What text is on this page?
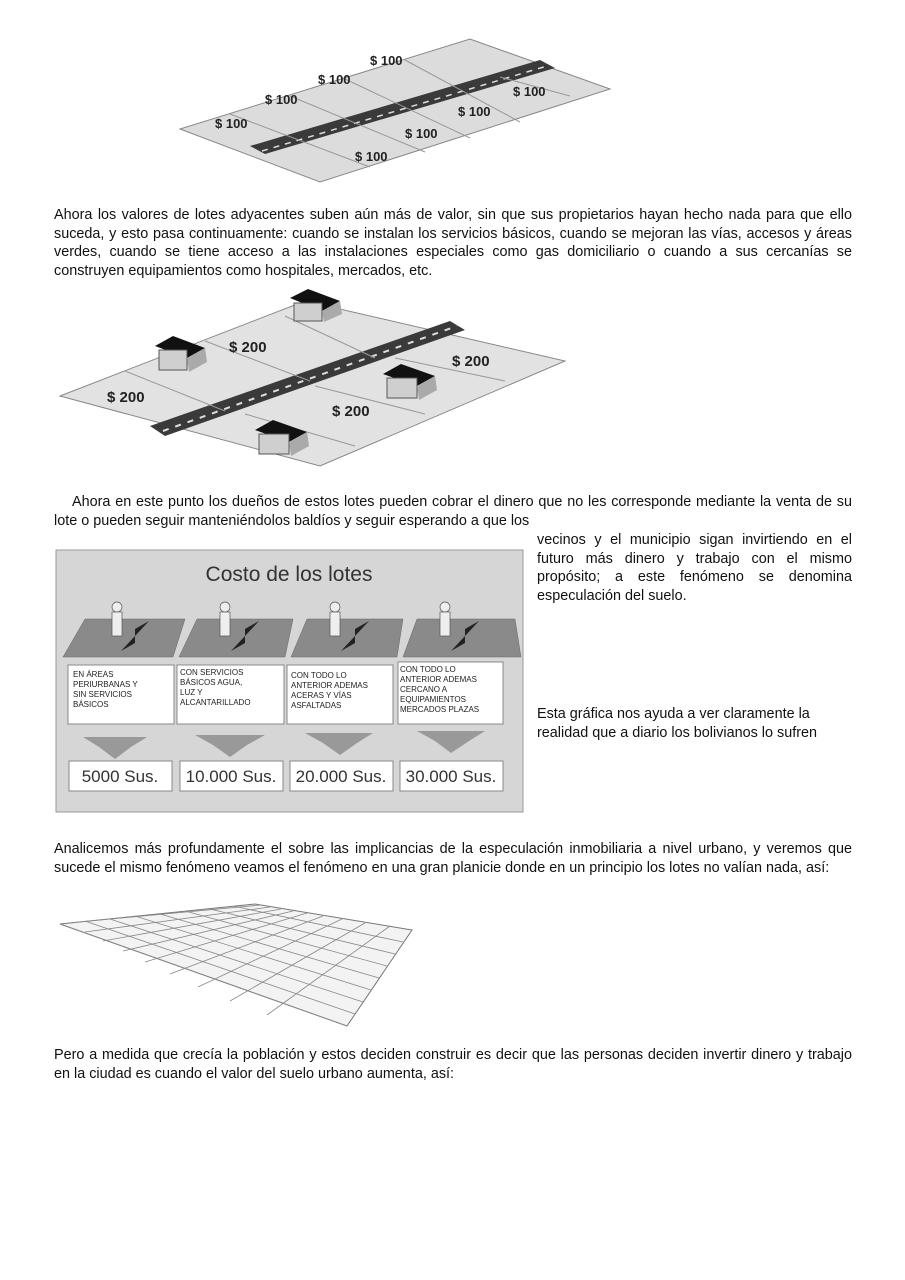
$ 100
$ 100
$ 100
$ 100
$ 100
$ 100
$ 100
$ 100

Ahora los valores de lotes adyacentes suben aún más de valor, sin que sus propietarios hayan hecho nada para que ello suceda, y esto pasa continuamente: cuando se instalan los servicios básicos, cuando se mejoran las vías, accesos y áreas verdes, cuando se tiene acceso a las instalaciones especiales como gas domiciliario o cuando a sus cercanías se construyen equipamientos como hospitales, mercados, etc.

$ 200
$ 200
$ 200
$ 200

Ahora en este punto los dueños de estos lotes pueden cobrar el dinero que no les corresponde mediante la venta de su lote o pueden seguir manteniéndolos baldíos y seguir esperando a que los

vecinos y el municipio sigan invirtiendo en el futuro más dinero y trabajo con el mismo propósito; a este fenómeno se denomina especulación del suelo.

Costo de los lotes
EN ÁREAS PERIURBANAS Y SIN SERVICIOS BÁSICOS
CON SERVICIOS BÁSICOS AGUA, LUZ Y ALCANTARILLADO
CON TODO LO ANTERIOR ADEMAS ACERAS Y VÍAS ASFALTADAS
CON TODO LO ANTERIOR ADEMAS CERCANO A EQUIPAMIENTOS MERCADOS PLAZAS
5000 Sus. 10.000 Sus. 20.000 Sus. 30.000 Sus.

Esta gráfica nos ayuda a ver claramente la realidad que a diario los bolivianos lo sufren

Analicemos más profundamente el sobre las implicancias de la especulación inmobiliaria a nivel urbano, y veremos que sucede el mismo fenómeno veamos el fenómeno en una gran planicie donde en un principio los lotes no valían nada, así:

Pero a medida que crecía la población y estos deciden construir es decir que las personas deciden invertir dinero y trabajo en la ciudad es cuando el valor del suelo urbano aumenta, así:
